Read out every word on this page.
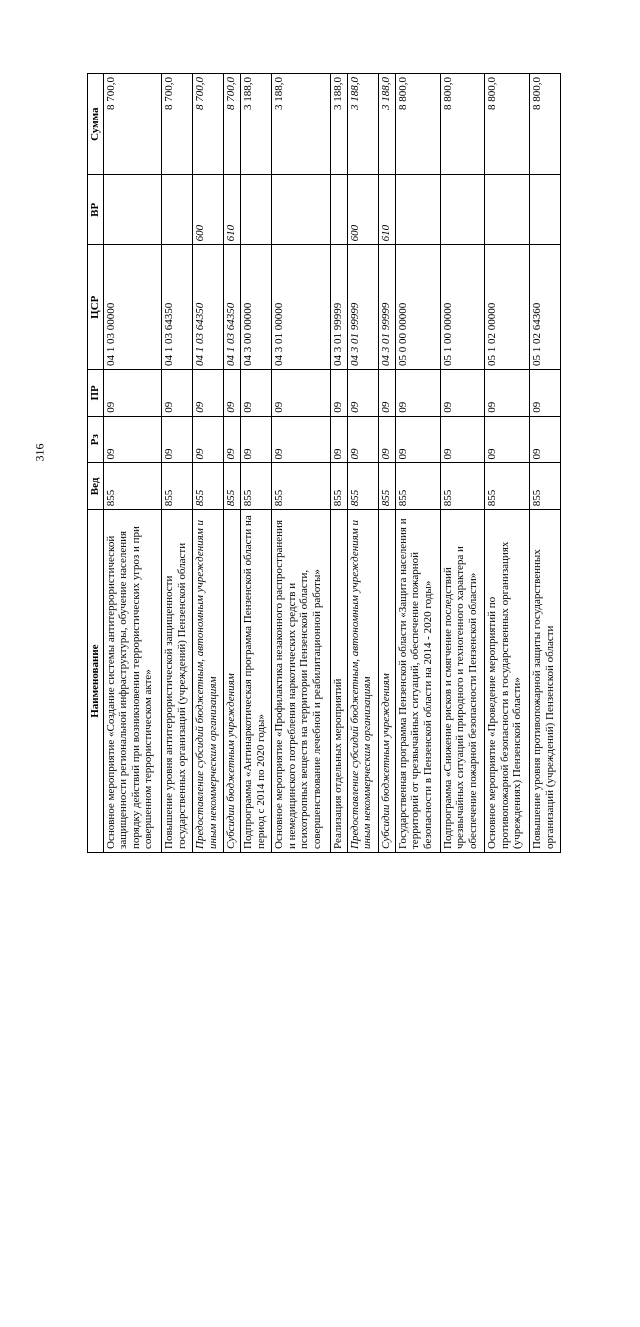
316
Наименование	Вед	Рз	ПР	ЦСР	ВР	Сумма
Основное мероприятие «Создание системы антитеррористической защищенности региональной инфраструктуры, обучение населения порядку действий при возникновении террористических угроз и при совершенном террористическом акте»	855	09	09	04 1 03 00000		8 700,0
Повышение уровня антитеррористической защищенности государственных организаций (учреждений) Пензенской области	855	09	09	04 1 03 64350		8 700,0
Предоставление субсидий бюджетным, автономным учреждениям и иным некоммерческим организациям	855	09	09	04 1 03 64350	600	8 700,0
Субсидии бюджетным учреждениям	855	09	09	04 1 03 64350	610	8 700,0
Подпрограмма «Антинаркотическая программа Пензенской области на период с 2014 по 2020 годы»	855	09	09	04 3 00 00000		3 188,0
Основное мероприятие «Профилактика незаконного распространения и немедицинского потребления наркотических средств и психотропных веществ на территории Пензенской области, совершенствование лечебной и реабилитационной работы»	855	09	09	04 3 01 00000		3 188,0
Реализация отдельных мероприятий	855	09	09	04 3 01 99999		3 188,0
Предоставление субсидий бюджетным, автономным учреждениям и иным некоммерческим организациям	855	09	09	04 3 01 99999	600	3 188,0
Субсидии бюджетным учреждениям	855	09	09	04 3 01 99999	610	3 188,0
Государственная программа Пензенской области «Защита населения и территорий от чрезвычайных ситуаций, обеспечение пожарной безопасности в Пензенской области на 2014 - 2020 годы»	855	09	09	05 0 00 00000		8 800,0
Подпрограмма «Снижение рисков и смягчение последствий чрезвычайных ситуаций природного и техногенного характера и обеспечение пожарной безопасности Пензенской области»	855	09	09	05 1 00 00000		8 800,0
Основное мероприятие «Проведение мероприятий по противопожарной безопасности в государственных организациях (учреждениях) Пензенской области»	855	09	09	05 1 02 00000		8 800,0
Повышение уровня противопожарной защиты государственных организаций (учреждений) Пензенской области	855	09	09	05 1 02 64360		8 800,0
